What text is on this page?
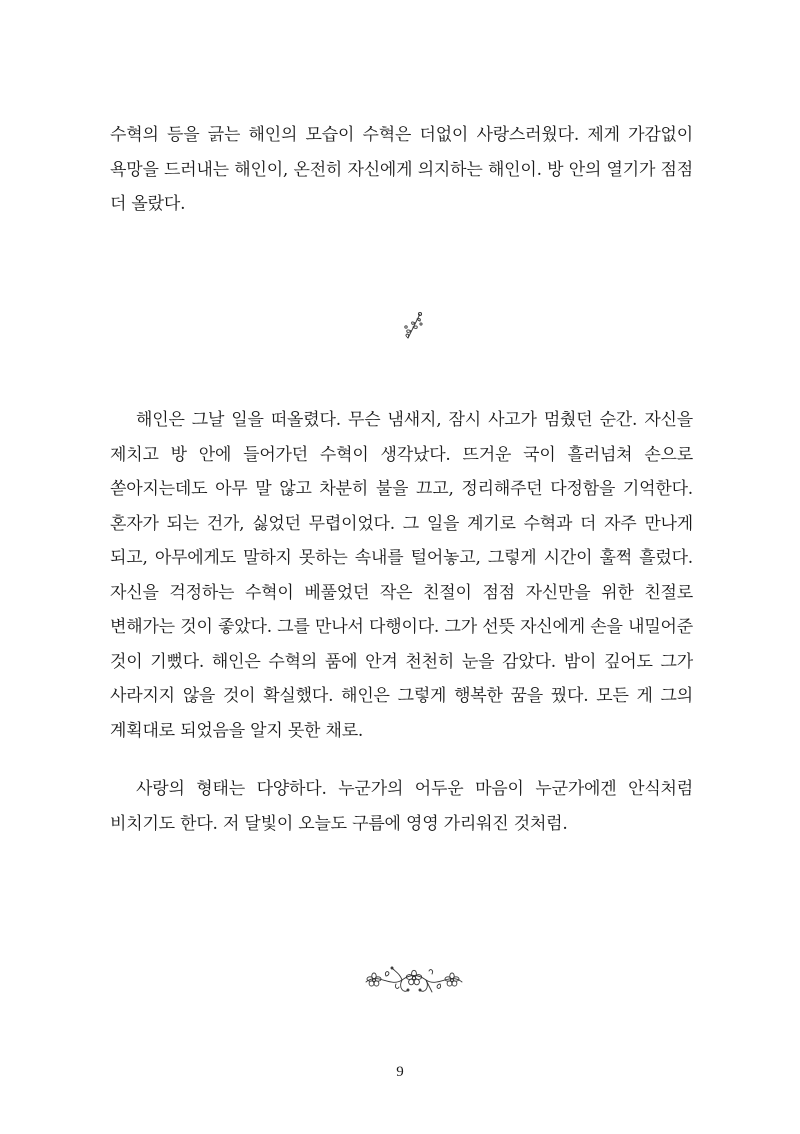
수혁의 등을 긁는 해인의 모습이 수혁은 더없이 사랑스러웠다. 제게 가감없이 욕망을 드러내는 해인이, 온전히 자신에게 의지하는 해인이. 방 안의 열기가 점점 더 올랐다.

해인은 그날 일을 떠올렸다. 무슨 냄새지, 잠시 사고가 멈췄던 순간. 자신을 제치고 방 안에 들어가던 수혁이 생각났다. 뜨거운 국이 흘러넘쳐 손으로 쏟아지는데도 아무 말 않고 차분히 불을 끄고, 정리해주던 다정함을 기억한다. 혼자가 되는 건가, 싫었던 무렵이었다. 그 일을 계기로 수혁과 더 자주 만나게 되고, 아무에게도 말하지 못하는 속내를 털어놓고, 그렇게 시간이 훌쩍 흘렀다. 자신을 걱정하는 수혁이 베풀었던 작은 친절이 점점 자신만을 위한 친절로 변해가는 것이 좋았다. 그를 만나서 다행이다. 그가 선뜻 자신에게 손을 내밀어준 것이 기뻤다. 해인은 수혁의 품에 안겨 천천히 눈을 감았다. 밤이 깊어도 그가 사라지지 않을 것이 확실했다. 해인은 그렇게 행복한 꿈을 꿨다. 모든 게 그의 계획대로 되었음을 알지 못한 채로.

사랑의 형태는 다양하다. 누군가의 어두운 마음이 누군가에겐 안식처럼 비치기도 한다. 저 달빛이 오늘도 구름에 영영 가리워진 것처럼.

9
